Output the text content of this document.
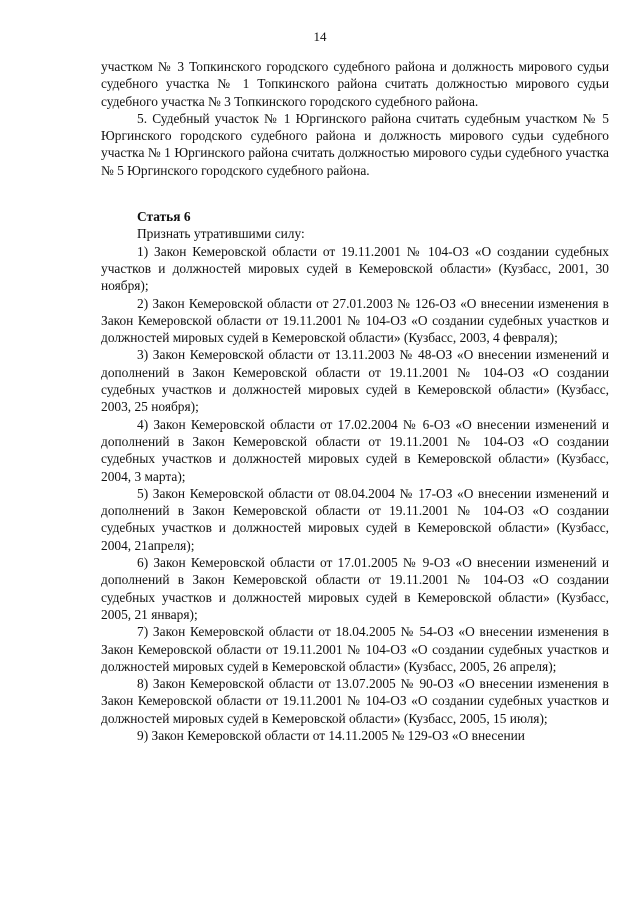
14

участком № 3 Топкинского городского судебного района и должность мирового судьи судебного участка № 1 Топкинского района считать должностью мирового судьи судебного участка № 3 Топкинского городского судебного района.

5. Судебный участок № 1 Юргинского района считать судебным участком № 5 Юргинского городского судебного района и должность мирового судьи судебного участка № 1 Юргинского района считать должностью мирового судьи судебного участка № 5 Юргинского городского судебного района.

Статья 6

Признать утратившими силу:

1) Закон Кемеровской области от 19.11.2001 № 104-ОЗ «О создании судебных участков и должностей мировых судей в Кемеровской области» (Кузбасс, 2001, 30 ноября);

2) Закон Кемеровской области от 27.01.2003 № 126-ОЗ «О внесении изменения в Закон Кемеровской области от 19.11.2001 № 104-ОЗ «О создании судебных участков и должностей мировых судей в Кемеровской области» (Кузбасс, 2003, 4 февраля);

3) Закон Кемеровской области от 13.11.2003 № 48-ОЗ «О внесении изменений и дополнений в Закон Кемеровской области от 19.11.2001 № 104-ОЗ «О создании судебных участков и должностей мировых судей в Кемеровской области» (Кузбасс, 2003, 25 ноября);

4) Закон Кемеровской области от 17.02.2004 № 6-ОЗ «О внесении изменений и дополнений в Закон Кемеровской области от 19.11.2001 № 104-ОЗ «О создании судебных участков и должностей мировых судей в Кемеровской области» (Кузбасс, 2004, 3 марта);

5) Закон Кемеровской области от 08.04.2004 № 17-ОЗ «О внесении изменений и дополнений в Закон Кемеровской области от 19.11.2001 № 104-ОЗ «О создании судебных участков и должностей мировых судей в Кемеровской области» (Кузбасс, 2004, 21апреля);

6) Закон Кемеровской области от 17.01.2005 № 9-ОЗ «О внесении изменений и дополнений в Закон Кемеровской области от 19.11.2001 № 104-ОЗ «О создании судебных участков и должностей мировых судей в Кемеровской области» (Кузбасс, 2005, 21 января);

7) Закон Кемеровской области от 18.04.2005 № 54-ОЗ «О внесении изменения в Закон Кемеровской области от 19.11.2001 № 104-ОЗ «О создании судебных участков и должностей мировых судей в Кемеровской области» (Кузбасс, 2005, 26 апреля);

8) Закон Кемеровской области от 13.07.2005 № 90-ОЗ «О внесении изменения в Закон Кемеровской области от 19.11.2001 № 104-ОЗ «О создании судебных участков и должностей мировых судей в Кемеровской области» (Кузбасс, 2005, 15 июля);

9) Закон Кемеровской области от 14.11.2005 № 129-ОЗ «О внесении
